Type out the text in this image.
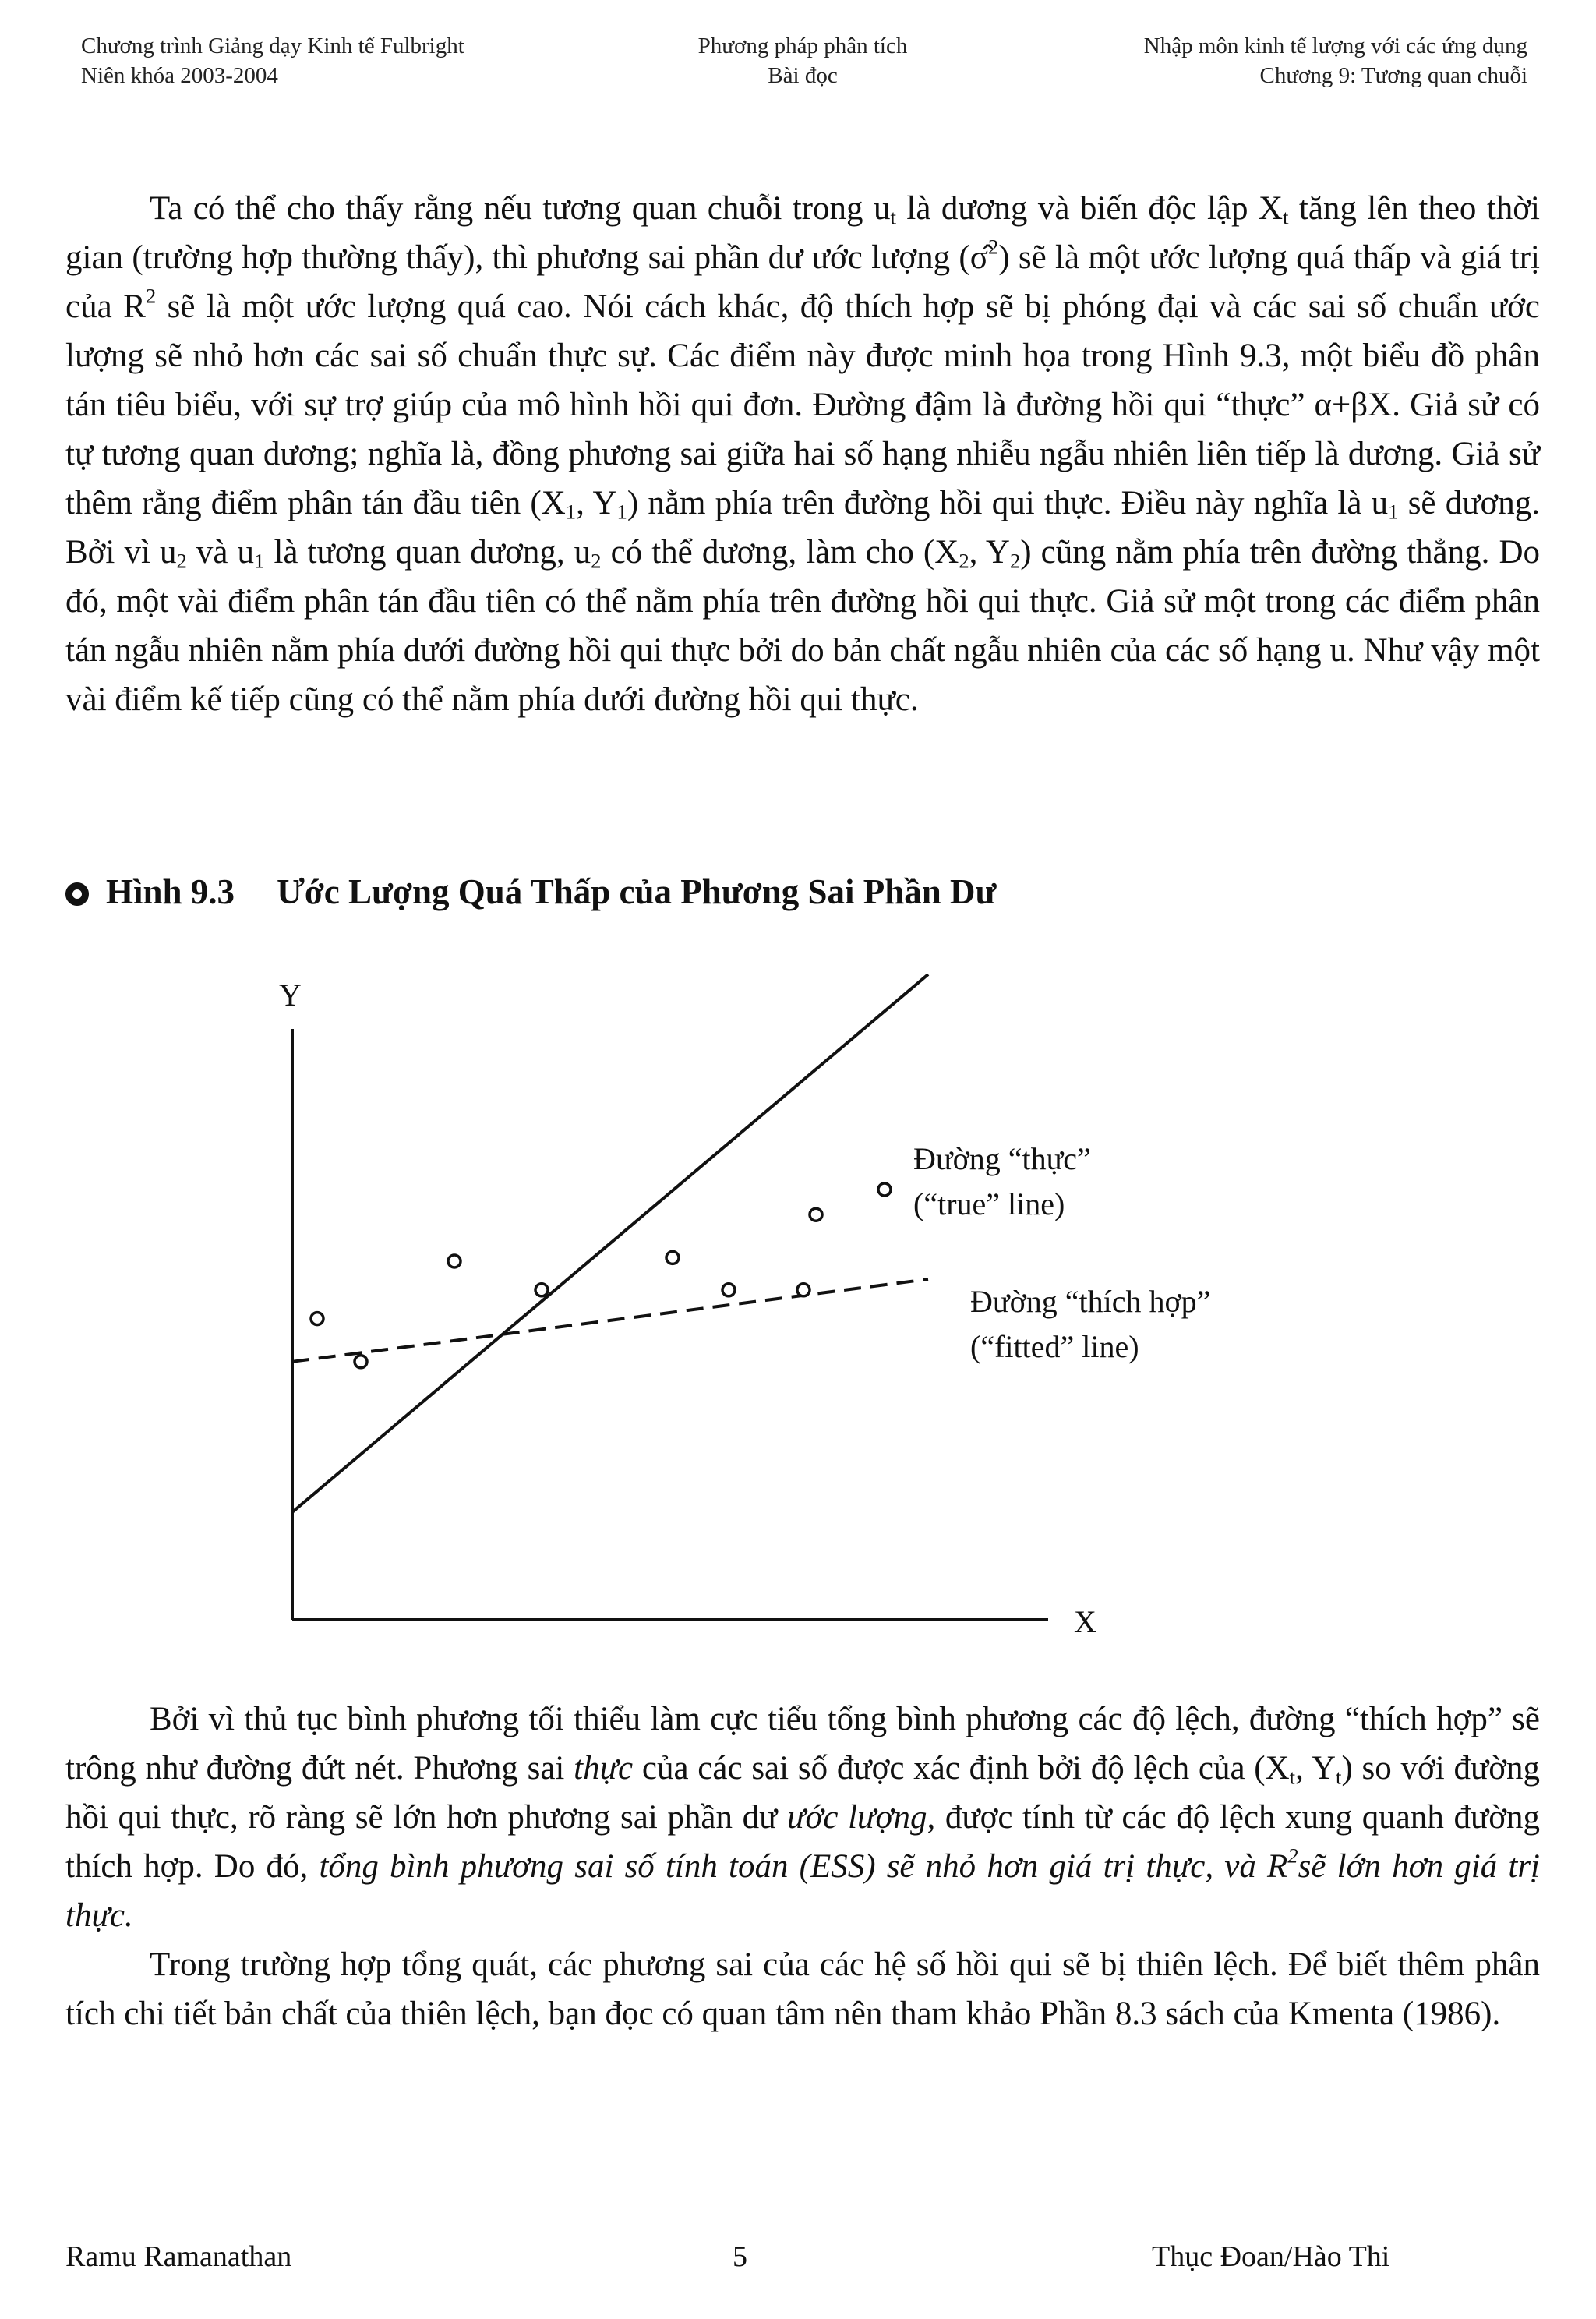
Chương trình Giảng dạy Kinh tế Fulbright
Niên khóa 2003-2004
Phương pháp phân tích
Bài đọc
Nhập môn kinh tế lượng với các ứng dụng
Chương 9: Tương quan chuỗi

Ta có thể cho thấy rằng nếu tương quan chuỗi trong $u_t$ là dương và biến độc lập $X_t$ tăng lên theo thời gian (trường hợp thường thấy), thì phương sai phần dư ước lượng (σ̂$^2$) sẽ là một ước lượng quá thấp và giá trị của $R^2$ sẽ là một ước lượng quá cao. Nói cách khác, độ thích hợp sẽ bị phóng đại và các sai số chuẩn ước lượng sẽ nhỏ hơn các sai số chuẩn thực sự. Các điểm này được minh họa trong Hình 9.3, một biểu đồ phân tán tiêu biểu, với sự trợ giúp của mô hình hồi qui đơn. Đường đậm là đường hồi qui “thực” α+βX. Giả sử có tự tương quan dương; nghĩa là, đồng phương sai giữa hai số hạng nhiễu ngẫu nhiên liên tiếp là dương. Giả sử thêm rằng điểm phân tán đầu tiên ($X_1$, $Y_1$) nằm phía trên đường hồi qui thực. Điều này nghĩa là $u_1$ sẽ dương. Bởi vì $u_2$ và $u_1$ là tương quan dương, $u_2$ có thể dương, làm cho ($X_2$, $Y_2$) cũng nằm phía trên đường thẳng. Do đó, một vài điểm phân tán đầu tiên có thể nằm phía trên đường hồi qui thực. Giả sử một trong các điểm phân tán ngẫu nhiên nằm phía dưới đường hồi qui thực bởi do bản chất ngẫu nhiên của các số hạng u. Như vậy một vài điểm kế tiếp cũng có thể nằm phía dưới đường hồi qui thực.

Hình 9.3 Ước Lượng Quá Thấp của Phương Sai Phần Dư
Y
X
Đường “thực”
(“true” line)
Đường “thích hợp”
(“fitted” line)

Bởi vì thủ tục bình phương tối thiểu làm cực tiểu tổng bình phương các độ lệch, đường “thích hợp” sẽ trông như đường đứt nét. Phương sai thực của các sai số được xác định bởi độ lệch của ($X_t$, $Y_t$) so với đường hồi qui thực, rõ ràng sẽ lớn hơn phương sai phần dư ước lượng, được tính từ các độ lệch xung quanh đường thích hợp. Do đó, tổng bình phương sai số tính toán (ESS) sẽ nhỏ hơn giá trị thực, và $R^2sẽ$ lớn hơn giá trị thực.

Trong trường hợp tổng quát, các phương sai của các hệ số hồi qui sẽ bị thiên lệch. Để biết thêm phân tích chi tiết bản chất của thiên lệch, bạn đọc có quan tâm nên tham khảo Phần 8.3 sách của Kmenta (1986).

Ramu Ramanathan	5	Thục Đoan/Hào Thi
